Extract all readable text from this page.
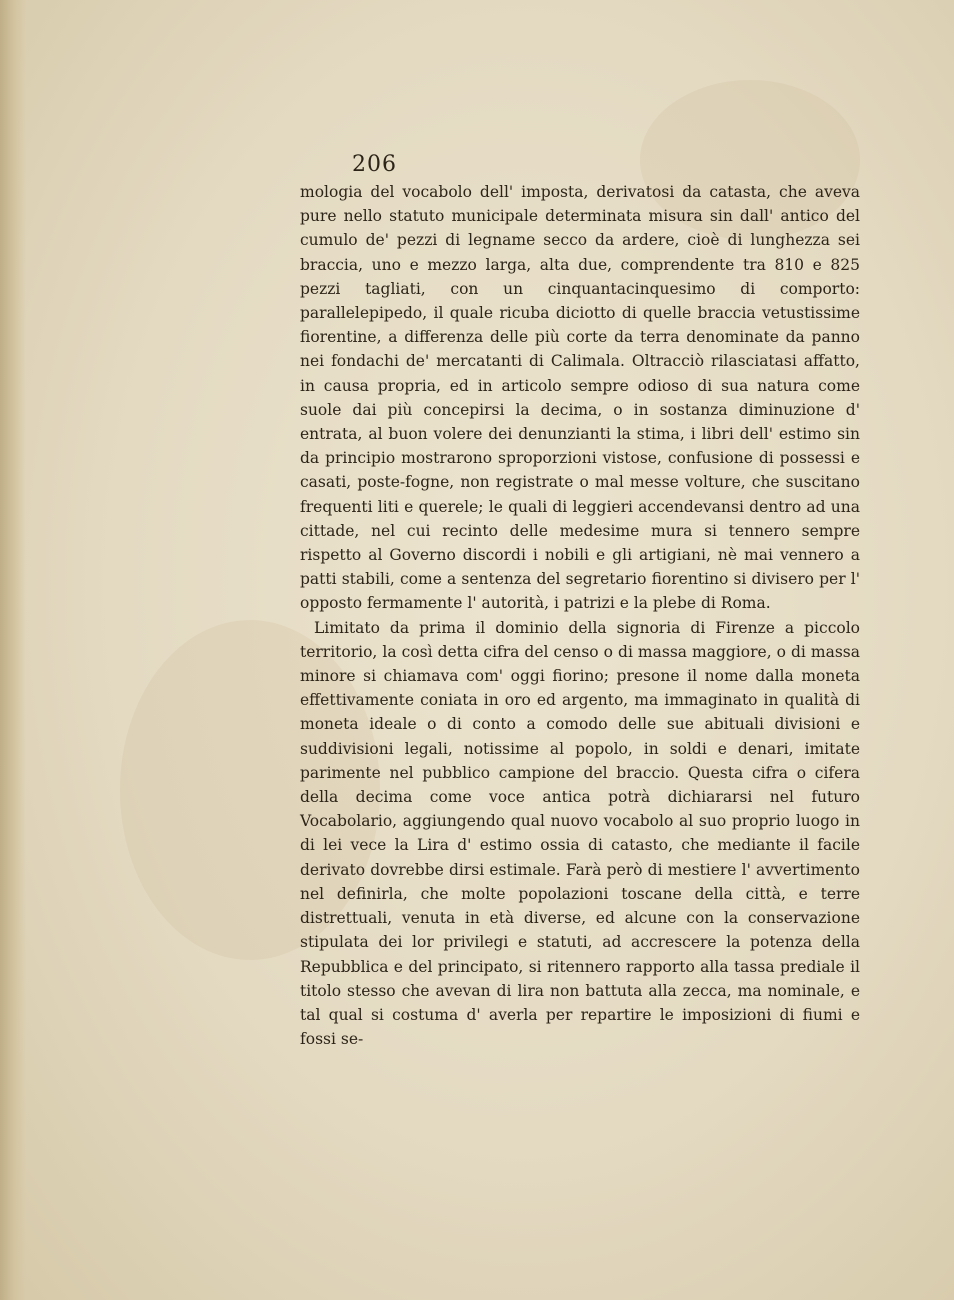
206

mologia del vocabolo dell' imposta, derivatosi da catasta, che aveva pure nello statuto municipale determinata misura sin dall' antico del cumulo de' pezzi di legname secco da ardere, cioè di lunghezza sei braccia, uno e mezzo larga, alta due, comprendente tra 810 e 825 pezzi tagliati, con un cinquantacinquesimo di comporto: parallelepipedo, il quale ricuba diciotto di quelle braccia vetustissime fiorentine, a differenza delle più corte da terra denominate da panno nei fondachi de' mercatanti di Calimala. Oltracciò rilasciatasi affatto, in causa propria, ed in articolo sempre odioso di sua natura come suole dai più concepirsi la decima, o in sostanza diminuzione d' entrata, al buon volere dei denunzianti la stima, i libri dell' estimo sin da principio mostrarono sproporzioni vistose, confusione di possessi e casati, poste-fogne, non registrate o mal messe volture, che suscitano frequenti liti e querele; le quali di leggieri accendevansi dentro ad una cittade, nel cui recinto delle medesime mura si tennero sempre rispetto al Governo discordi i nobili e gli artigiani, nè mai vennero a patti stabili, come a sentenza del segretario fiorentino si divisero per l' opposto fermamente l' autorità, i patrizi e la plebe di Roma.

Limitato da prima il dominio della signoria di Firenze a piccolo territorio, la così detta cifra del censo o di massa maggiore, o di massa minore si chiamava com' oggi fiorino; presone il nome dalla moneta effettivamente coniata in oro ed argento, ma immaginato in qualità di moneta ideale o di conto a comodo delle sue abituali divisioni e suddivisioni legali, notissime al popolo, in soldi e denari, imitate parimente nel pubblico campione del braccio. Questa cifra o cifera della decima come voce antica potrà dichiararsi nel futuro Vocabolario, aggiungendo qual nuovo vocabolo al suo proprio luogo in di lei vece la Lira d' estimo ossia di catasto, che mediante il facile derivato dovrebbe dirsi estimale. Farà però di mestiere l' avvertimento nel definirla, che molte popolazioni toscane della città, e terre distrettuali, venuta in età diverse, ed alcune con la conservazione stipulata dei lor privilegi e statuti, ad accrescere la potenza della Repubblica e del principato, si ritennero rapporto alla tassa prediale il titolo stesso che avevan di lira non battuta alla zecca, ma nominale, e tal qual si costuma d' averla per repartire le imposizioni di fiumi e fossi se-
